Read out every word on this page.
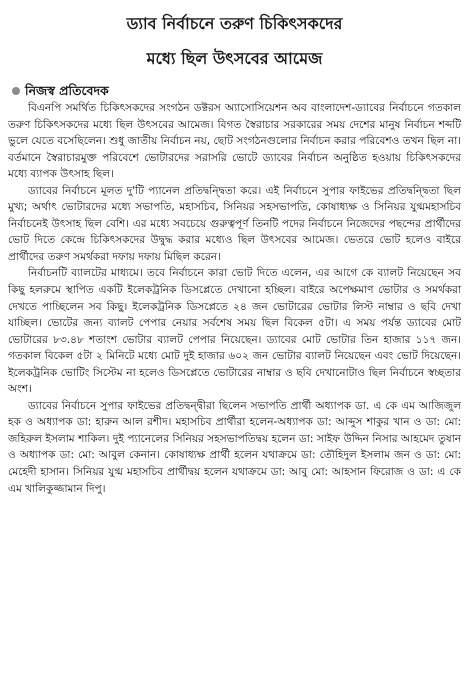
ড্যাব নির্বাচনে তরুণ চিকিৎসকদের
মধ্যে ছিল উৎসবের আমেজ
নিজস্ব প্রতিবেদক

বিএনপি সমর্থিত চিকিৎসকদের সংগঠন ডক্টরস অ্যাসোসিয়েশন অব বাংলাদেশ-ড্যাবের নির্বাচনে গতকাল তরুণ চিকিৎসকদের মধ্যে ছিল উৎসবের আমেজ। বিগত স্বৈরাচার সরকারের সময় দেশের মানুষ নির্বাচন শব্দটি ভুলে যেতে বসেছিলেন। শুধু জাতীয় নির্বাচন নয়, ছোট সংগঠনগুলোর নির্বাচন করার পরিবেশও তখন ছিল না। বর্তমানে স্বৈরাচারমুক্ত পরিবেশে ভোটারদের সরাসরি ভোটে ড্যাবের নির্বাচন অনুষ্ঠিত হওয়ায় চিকিৎসকদের মধ্যে ব্যাপক উৎসাহ ছিল।

ড্যাবের নির্বাচনে মূলত দু'টি প্যানেল প্রতিদ্বন্দ্বিতা করে। এই নির্বাচনে সুপার ফাইভের প্রতিদ্বন্দ্বিতা ছিল মুখ্য; অর্থাৎ ভোটারদের মধ্যে সভাপতি, মহাসচিব, সিনিয়র সহসভাপতি, কোষাধ্যক্ষ ও সিনিয়র যুগ্মমহাসচিব নির্বাচনেই উৎসাহ ছিল বেশি। এর মধ্যে সবচেয়ে গুরুত্বপূর্ণ তিনটি পদের নির্বাচনে নিজেদের পছন্দের প্রার্থীদের ভোট দিতে কেন্দ্রে চিকিৎসকদের উদ্বুদ্ধ করার মধ্যেও ছিল উৎসবের আমেজ। ভেতরে ভোট হলেও বাইরে প্রার্থীদের তরুণ সমর্থকরা দফায় দফায় মিছিল করেন।

নির্বাচনটি ব্যালটের মাধ্যমে। তবে নির্বাচনে কারা ভোট দিতে এলেন, এর আগে কে ব্যালট নিয়েছেন সব কিছু হলরুমে স্থাপিত একটি ইলেকট্রনিক ডিসপ্লেতে দেখানো হচ্ছিল। বাইরে অপেক্ষমাণ ভোটার ও সমর্থকরা দেখতে পাচ্ছিলেন সব কিছু। ইলেকট্রনিক ডিসপ্লেতে ২৪ জন ভোটারের ভোটার লিস্ট নাম্বার ও ছবি দেখা যাচ্ছিল। ভোটের জন্য ব্যালট পেপার নেয়ার সর্বশেষ সময় ছিল বিকেল ৫টা। এ সময় পর্যন্ত ড্যাবের মোট ভোটারের ৮৩.৪৮ শতাংশ ভোটার ব্যালট পেপার নিয়েছেন। ড্যাবের মোট ভোটার তিন হাজার ১১৭ জন। গতকাল বিকেল ৫টা ২ মিনিটে মধ্যে মোট দুই হাজার ৬০২ জন ভোটার ব্যালট নিয়েছেন এবং ভোট দিয়েছেন। ইলেকট্রনিক ভোটিং সিস্টেম না হলেও ডিসপ্লেতে ভোটারের নাম্বার ও ছবি দেখানোটাও ছিল নির্বাচনে স্বচ্ছতার অংশ।

ড্যাবের নির্বাচনে সুপার ফাইভের প্রতিদ্বন্দ্বীরা ছিলেন সভাপতি প্রার্থী অধ্যাপক ডা. এ কে এম আজিজুল হক ও অধ্যাপক ডা: হারুন আল রশীদ। মহাসচিব প্রার্থীরা হলেন-অধ্যাপক ডা: আব্দুস শাকুর খান ও ডা: মো: জহিরুল ইসলাম শাকিল। দুই প্যানেলের সিনিয়র সহসভাপতিদ্বয় হলেন ডা: সাইফ উদ্দিন নিসার আহমেদ তুষান ও অধ্যাপক ডা: মো: আবুল কেনান। কোষাধ্যক্ষ প্রার্থী হলেন যথাক্রমে ডা: তৌহিদুল ইসলাম জন ও ডা: মো: মেহেদী হাসান। সিনিয়র যুগ্ম মহাসচিব প্রার্থীদ্বয় হলেন যথাক্রমে ডা: আবু মো: আহসান ফিরোজ ও ডা: এ কে এম খালিকুজ্জামান দিপু।
